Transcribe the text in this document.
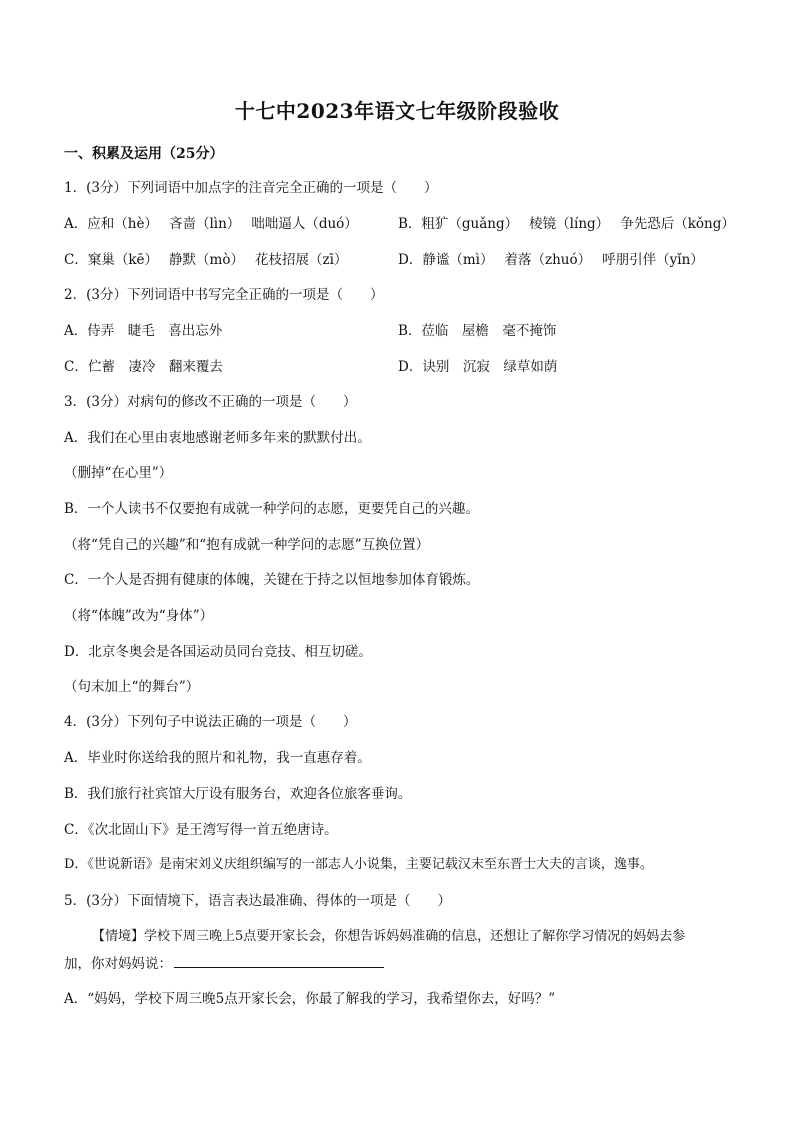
十七中2023年语文七年级阶段验收
一、积累及运用（25分）
1．(3分）下列词语中加点字的注音完全正确的一项是（　　）
A．应和（hè）　 吝啬（lìn）　 咄咄逼人（duó）	B．粗犷（guǎng）　 棱镜（líng）　 争先恐后（kǒng）
C．窠巢（kē）　 静默（mò）　 花枝招展（zī）	D．静谧（mì）　 着落（zhuó）　 呼朋引伴（yǐn）
2．(3分）下列词语中书写完全正确的一项是（　　）
A．侍弄　睫毛　喜出忘外	B．莅临　屋檐　毫不掩饰
C．伫蓄　凄冷　翻来覆去	D．诀别　沉寂　绿草如荫
3．(3分）对病句的修改不正确的一项是（　　）
A．我们在心里由衷地感谢老师多年来的默默付出。
（删掉“在心里”）
B．一个人读书不仅要抱有成就一种学问的志愿，更要凭自己的兴趣。
（将“凭自己的兴趣”和“抱有成就一种学问的志愿”互换位置）
C．一个人是否拥有健康的体魄，关键在于持之以恒地参加体育锻炼。
（将“体魄”改为“身体”）
D．北京冬奥会是各国运动员同台竞技、相互切磋。
（句末加上“的舞台”）
4．(3分）下列句子中说法正确的一项是（　　）
A．毕业时你送给我的照片和礼物，我一直惠存着。
B．我们旅行社宾馆大厅设有服务台，欢迎各位旅客垂询。
C．《次北固山下》是王湾写得一首五绝唐诗。
D．《世说新语》是南宋刘义庆组织编写的一部志人小说集，主要记载汉末至东晋士大夫的言谈，逸事。
5．(3分）下面情境下，语言表达最准确、得体的一项是（　　）
【情境】学校下周三晚上5点要开家长会，你想告诉妈妈准确的信息，还想让了解你学习情况的妈妈去参
加，你对妈妈说：
A．“妈妈，学校下周三晚5点开家长会，你最了解我的学习，我希望你去，好吗？”
